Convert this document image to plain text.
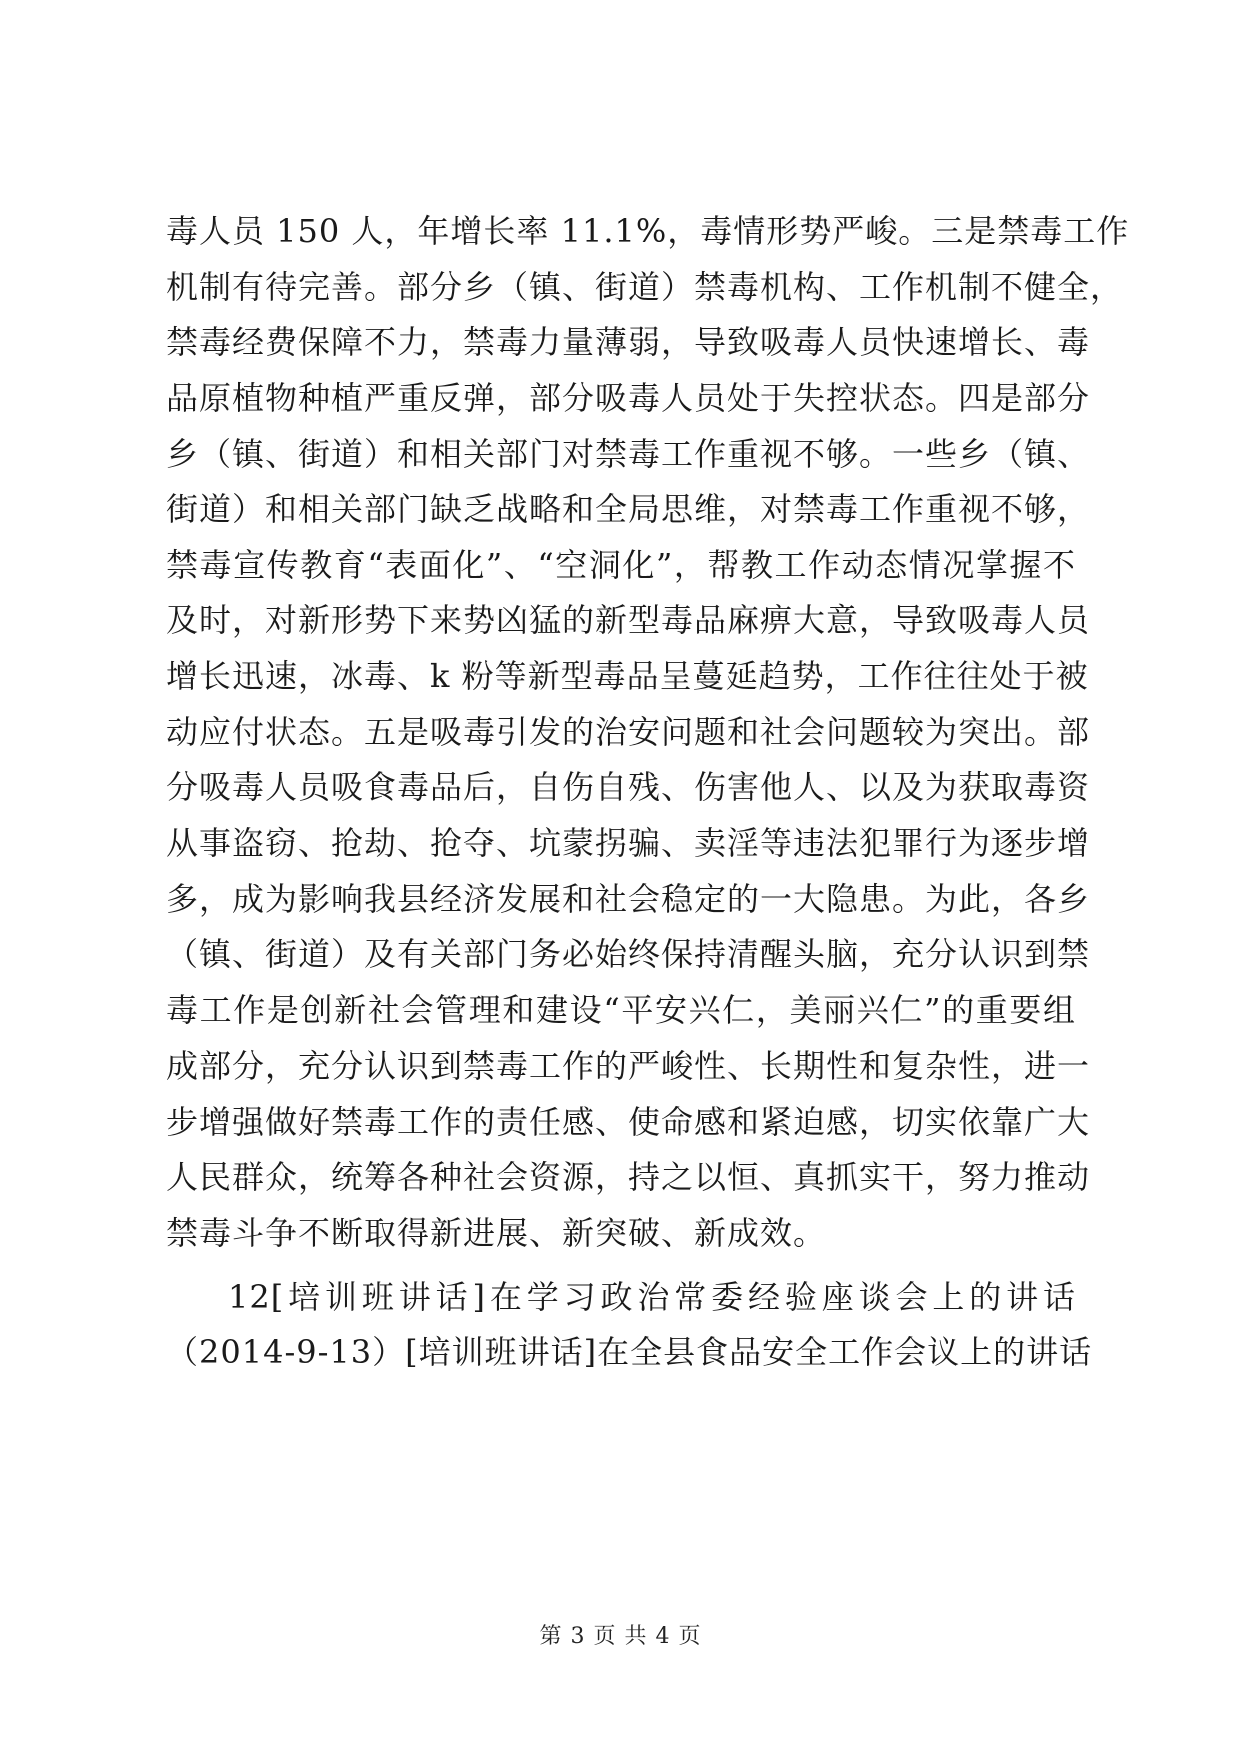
毒人员 150 人，年增长率 11.1%，毒情形势严峻。三是禁毒工作
机制有待完善。部分乡（镇、街道）禁毒机构、工作机制不健全，
禁毒经费保障不力，禁毒力量薄弱，导致吸毒人员快速增长、毒
品原植物种植严重反弹，部分吸毒人员处于失控状态。四是部分
乡（镇、街道）和相关部门对禁毒工作重视不够。一些乡（镇、
街道）和相关部门缺乏战略和全局思维，对禁毒工作重视不够，
禁毒宣传教育“表面化”、“空洞化”，帮教工作动态情况掌握不
及时，对新形势下来势凶猛的新型毒品麻痹大意，导致吸毒人员
增长迅速，冰毒、k 粉等新型毒品呈蔓延趋势，工作往往处于被
动应付状态。五是吸毒引发的治安问题和社会问题较为突出。部
分吸毒人员吸食毒品后，自伤自残、伤害他人、以及为获取毒资
从事盗窃、抢劫、抢夺、坑蒙拐骗、卖淫等违法犯罪行为逐步增
多，成为影响我县经济发展和社会稳定的一大隐患。为此，各乡
（镇、街道）及有关部门务必始终保持清醒头脑，充分认识到禁
毒工作是创新社会管理和建设“平安兴仁，美丽兴仁”的重要组
成部分，充分认识到禁毒工作的严峻性、长期性和复杂性，进一
步增强做好禁毒工作的责任感、使命感和紧迫感，切实依靠广大
人民群众，统筹各种社会资源，持之以恒、真抓实干，努力推动
禁毒斗争不断取得新进展、新突破、新成效。
12[培训班讲话]在学习政治常委经验座谈会上的讲话
（2014-9-13）[培训班讲话]在全县食品安全工作会议上的讲话
第 3 页 共 4 页
